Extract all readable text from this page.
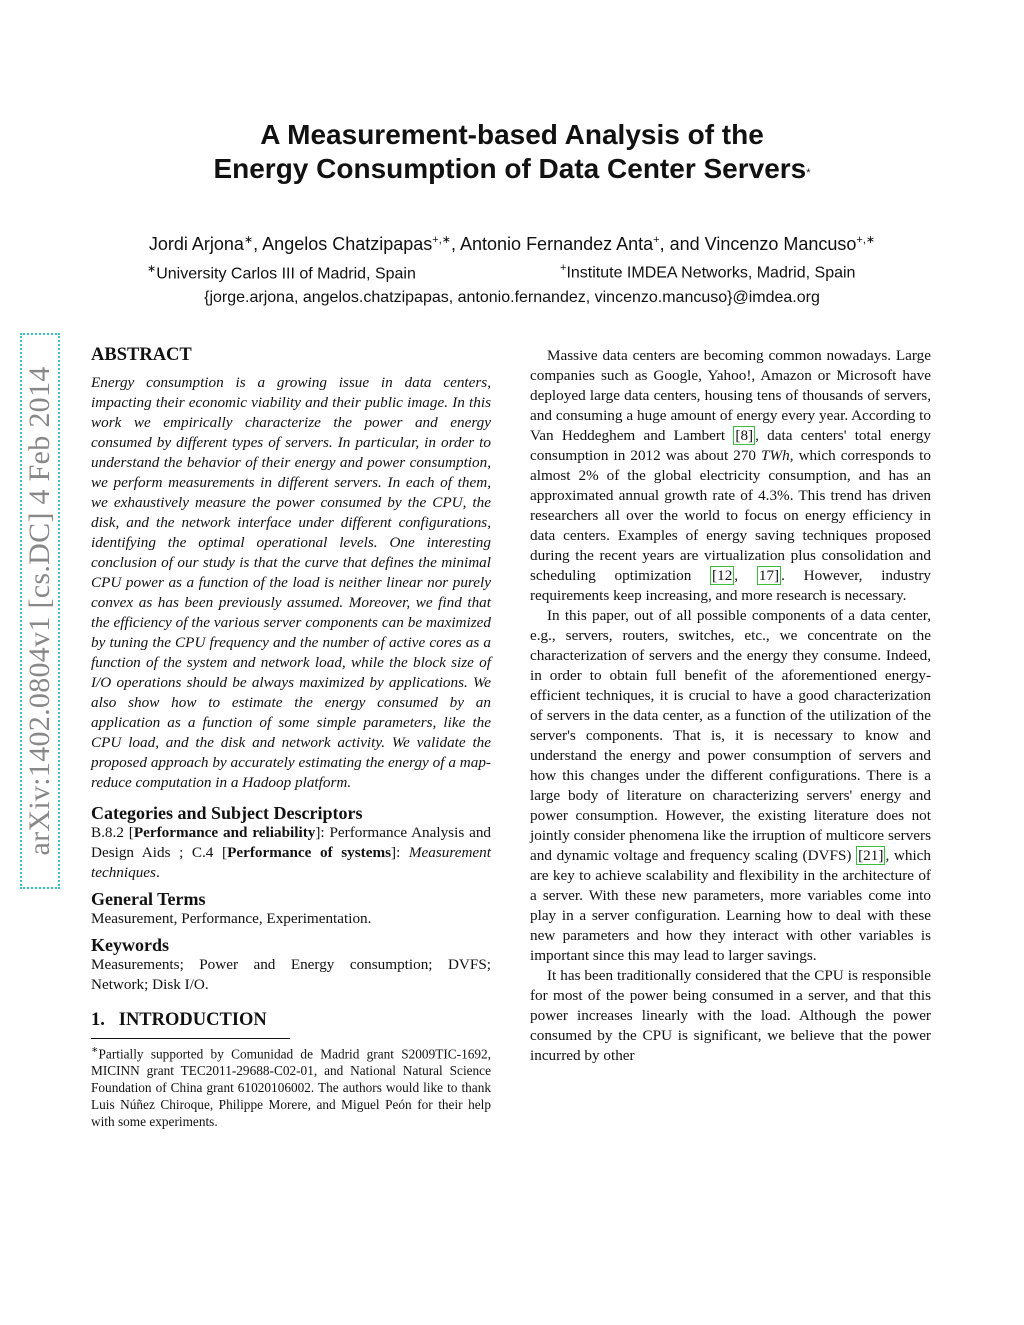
arXiv:1402.0804v1 [cs.DC] 4 Feb 2014
A Measurement-based Analysis of the
Energy Consumption of Data Center Servers*
Jordi Arjona∗, Angelos Chatzipapas+,∗, Antonio Fernandez Anta+, and Vincenzo Mancuso+,∗
∗University Carlos III of Madrid, Spain	+Institute IMDEA Networks, Madrid, Spain
{jorge.arjona, angelos.chatzipapas, antonio.fernandez, vincenzo.mancuso}@imdea.org
ABSTRACT

Energy consumption is a growing issue in data centers, impacting their economic viability and their public image. In this work we empirically characterize the power and energy consumed by different types of servers. In particular, in order to understand the behavior of their energy and power consumption, we perform measurements in different servers. In each of them, we exhaustively measure the power consumed by the CPU, the disk, and the network interface under different configurations, identifying the optimal operational levels. One interesting conclusion of our study is that the curve that defines the minimal CPU power as a function of the load is neither linear nor purely convex as has been previously assumed. Moreover, we find that the efficiency of the various server components can be maximized by tuning the CPU frequency and the number of active cores as a function of the system and network load, while the block size of I/O operations should be always maximized by applications. We also show how to estimate the energy consumed by an application as a function of some simple parameters, like the CPU load, and the disk and network activity. We validate the proposed approach by accurately estimating the energy of a map-reduce computation in a Hadoop platform.

Categories and Subject Descriptors

B.8.2 [Performance and reliability]: Performance Analysis and Design Aids ; C.4 [Performance of systems]: Measurement techniques.

General Terms

Measurement, Performance, Experimentation.

Keywords

Measurements; Power and Energy consumption; DVFS; Network; Disk I/O.

1.   INTRODUCTION

∗Partially supported by Comunidad de Madrid grant S2009TIC-1692, MICINN grant TEC2011-29688-C02-01, and National Natural Science Foundation of China grant 61020106002. The authors would like to thank Luis Núñez Chiroque, Philippe Morere, and Miguel Peón for their help with some experiments.

Massive data centers are becoming common nowadays. Large companies such as Google, Yahoo!, Amazon or Microsoft have deployed large data centers, housing tens of thousands of servers, and consuming a huge amount of energy every year. According to Van Heddeghem and Lambert [8] , data centers' total energy consumption in 2012 was about 270 TWh, which corresponds to almost 2% of the global electricity consumption, and has an approximated annual growth rate of 4.3%. This trend has driven researchers all over the world to focus on energy efficiency in data centers. Examples of energy saving techniques proposed during the recent years are virtualization plus consolidation and scheduling optimization [12 , 17] . However, industry requirements keep increasing, and more research is necessary.

In this paper, out of all possible components of a data center, e.g., servers, routers, switches, etc., we concentrate on the characterization of servers and the energy they consume. Indeed, in order to obtain full benefit of the aforementioned energy-efficient techniques, it is crucial to have a good characterization of servers in the data center, as a function of the utilization of the server's components. That is, it is necessary to know and understand the energy and power consumption of servers and how this changes under the different configurations. There is a large body of literature on characterizing servers' energy and power consumption. However, the existing literature does not jointly consider phenomena like the irruption of multicore servers and dynamic voltage and frequency scaling (DVFS) [21] , which are key to achieve scalability and flexibility in the architecture of a server. With these new parameters, more variables come into play in a server configuration. Learning how to deal with these new parameters and how they interact with other variables is important since this may lead to larger savings.

It has been traditionally considered that the CPU is responsible for most of the power being consumed in a server, and that this power increases linearly with the load. Although the power consumed by the CPU is significant, we believe that the power incurred by other
